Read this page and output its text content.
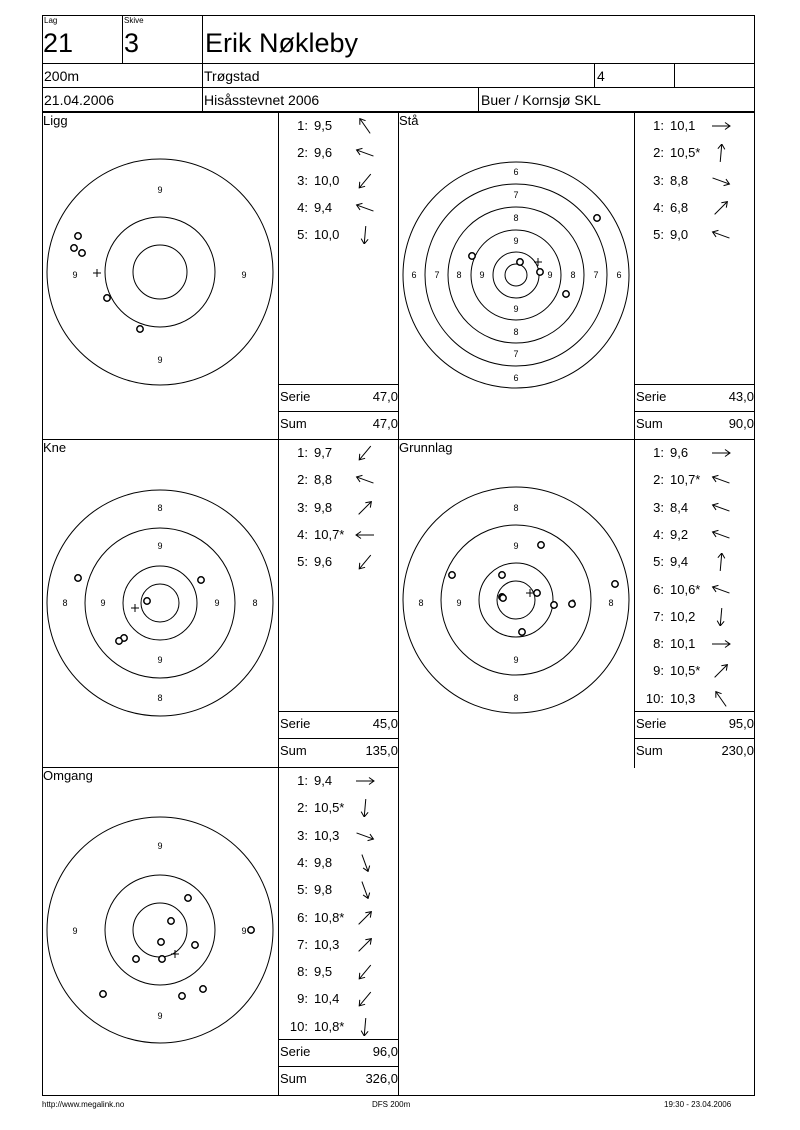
Lag
21
Skive
3 Erik Nøkleby
200m	Trøgstad	4
21.04.2006	Hisåsstevnet 2006	Buer / Kornsjø SKL
Ligg
9
9	9
9
1: 9,5
2: 9,6
3: 10,0
4: 9,4
5: 10,0
Serie	47,0
Sum	47,0
Stå
6
7
8
9
6
7
8
9
6 7 8 9	6
7
8
9
1: 10,1
2: 10,5*
3: 8,8
4: 6,8
5: 9,0
Serie	43,0
Sum	90,0
Kne
8
9
9
8
8	9	9	8
1: 9,7
2: 8,8
3: 9,8
4: 10,7*
5: 9,6
Serie	45,0
Sum	135,0
Grunnlag
8
9
9
8
8	9	8
1: 9,6
2: 10,7*
3: 8,4
4: 9,2
5: 9,4
6: 10,6*
7: 10,2
8: 10,1
9: 10,5*
10: 10,3
Serie	95,0
Sum	230,0
Omgang
9
9	9
9
1: 9,4
2: 10,5*
3: 10,3
4: 9,8
5: 9,8
6: 10,8*
7: 10,3
8: 9,5
9: 10,4
10: 10,8*
Serie	96,0
Sum	326,0
http://www.megalink.no	DFS 200m	19:30 - 23.04.2006
